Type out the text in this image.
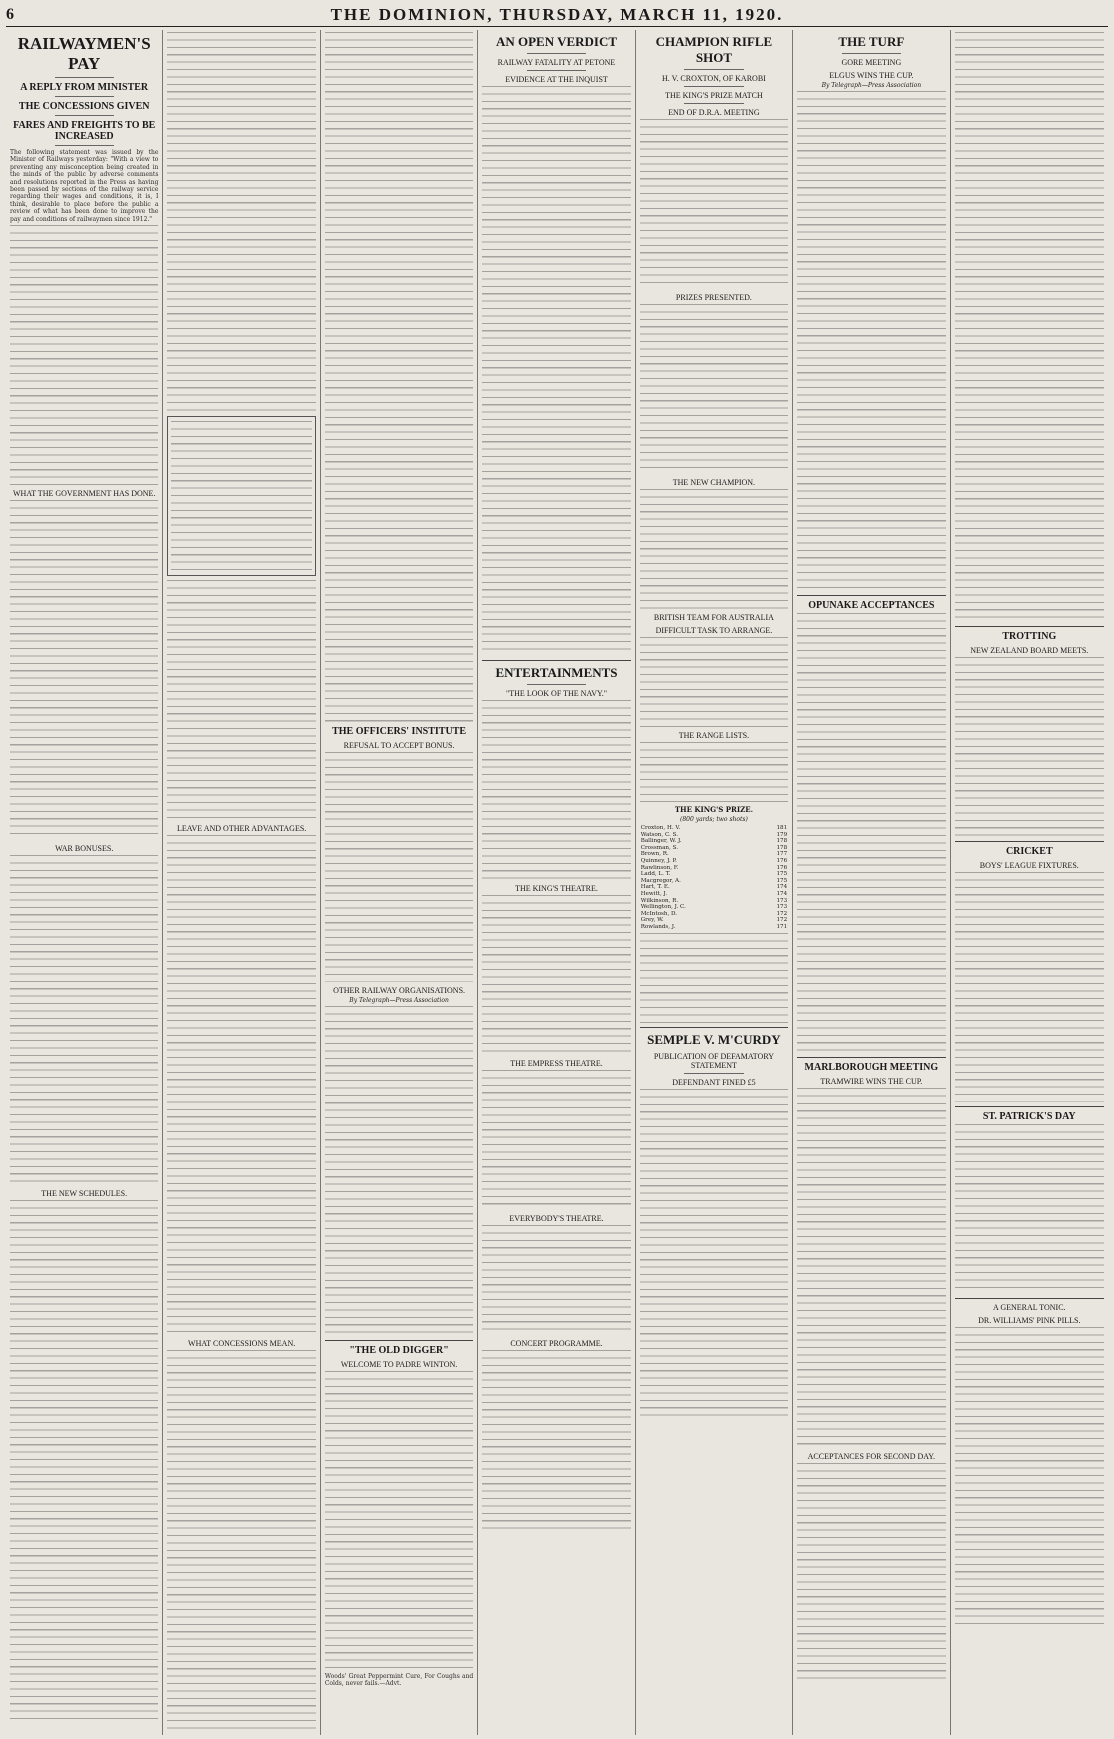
6	THE DOMINION, THURSDAY, MARCH 11, 1920.
RAILWAYMEN'S PAY
A REPLY FROM MINISTER
THE CONCESSIONS GIVEN
FARES AND FREIGHTS TO BE INCREASED

The following statement was issued by the Minister of Railways yesterday: "With a view to preventing any misconception being created in the minds of the public by adverse comments and resolutions reported in the Press as having been passed by sections of the railway service regarding their wages and conditions, it is, I think, desirable to place before the public a review of what has been done to improve the pay and conditions of railwaymen since 1912."

WHAT THE GOVERNMENT HAS DONE.
WAR BONUSES.
THE NEW SCHEDULES.
LEAVE AND OTHER ADVANTAGES.
WHAT CONCESSIONS MEAN.
THE OFFICERS' INSTITUTE
REFUSAL TO ACCEPT BONUS.
OTHER RAILWAY ORGANISATIONS.
By Telegraph—Press Association
"THE OLD DIGGER"
WELCOME TO PADRE WINTON.

Woods' Great Peppermint Cure, For Coughs and Colds, never fails.—Advt.

AN OPEN VERDICT
RAILWAY FATALITY AT PETONE
EVIDENCE AT THE INQUIST
ENTERTAINMENTS
"THE LOOK OF THE NAVY."
THE KING'S THEATRE.
THE EMPRESS THEATRE.
EVERYBODY'S THEATRE.
CONCERT PROGRAMME.
CHAMPION RIFLE SHOT
H. V. CROXTON, OF KAROBI
THE KING'S PRIZE MATCH
END OF D.R.A. MEETING
PRIZES PRESENTED.
THE NEW CHAMPION.
BRITISH TEAM FOR AUSTRALIA
DIFFICULT TASK TO ARRANGE.
THE RANGE LISTS.
THE KING'S PRIZE.
(800 yards; two shots)
Croxton, H. V.	181
Watson, C. S.	179
Ballinger, W. J.	178
Crossman, S.	178
Brown, R.	177
Quinney, J. P.	176
Rawlinson, F.	176
Ladd, L. T.	175
Macgregor, A.	175
Hart, T. E.	174
Hewitt, J.	174
Wilkinson, R.	173
Wellington, J. C.	173
McIntosh, D.	172
Grey, W.	172
Rowlands, J.	171
SEMPLE V. M'CURDY
PUBLICATION OF DEFAMATORY STATEMENT
DEFENDANT FINED £5
THE TURF
GORE MEETING
ELGUS WINS THE CUP.
By Telegraph—Press Association
OPUNAKE ACCEPTANCES
MARLBOROUGH MEETING
TRAMWIRE WINS THE CUP.
ACCEPTANCES FOR SECOND DAY.
TROTTING
NEW ZEALAND BOARD MEETS.
CRICKET
BOYS' LEAGUE FIXTURES.
ST. PATRICK'S DAY
A GENERAL TONIC.
DR. WILLIAMS' PINK PILLS.
